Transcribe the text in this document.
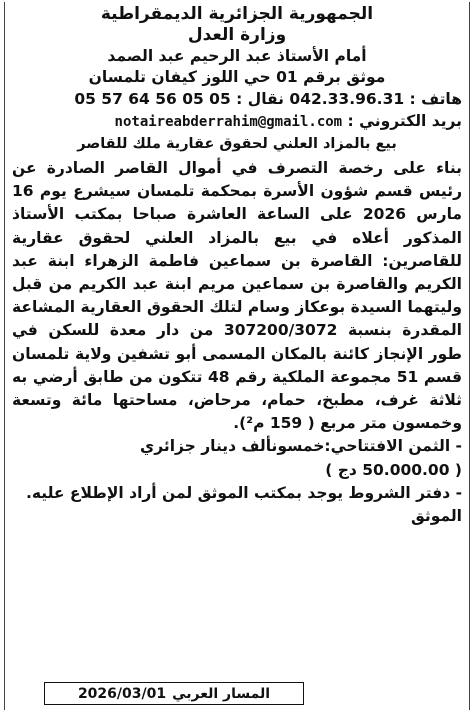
الجمهورية الجزائرية الديمقراطية
وزارة العدل
أمام الأستاذ عبد الرحيم عبد الصمد
موثق برقم 01 حي اللوز كيفان تلمسان
هاتف : 042.33.96.31 نقال : 05 57 64 56 05 05
بريد الكتروني : notaireabderrahim@gmail.com
بيع بالمزاد العلني لحقوق عقارية ملك للقاصر
بناء على رخصة التصرف في أموال القاصر الصادرة عن رئيس قسم شؤون الأسرة بمحكمة تلمسان سيشرع يوم 16 مارس 2026 على الساعة العاشرة صباحا بمكتب الأستاذ المذكور أعلاه في بيع بالمزاد العلني لحقوق عقارية للقاصرين: القاصرة بن سماعين فاطمة الزهراء ابنة عبد الكريم والقاصرة بن سماعين مريم ابنة عبد الكريم من قبل وليتهما السيدة بوعكاز وسام لتلك الحقوق العقارية المشاعة المقدرة بنسبة 307200/3072 من دار معدة للسكن في طور الإنجاز كائنة بالمكان المسمى أبو تشفين ولاية تلمسان قسم 51 مجموعة الملكية رقم 48 تتكون من طابق أرضي به ثلاثة غرف، مطبخ، حمام، مرحاض، مساحتها مائة وتسعة وخمسون متر مربع ( 159 م²).
- الثمن الافتتاحي:خمسونألف دينار جزائري
( 50.000.00 دج )
- دفتر الشروط يوجد بمكتب الموثق لمن أراد الإطلاع عليه.
الموثق
المسار العربي
2026/03/01
